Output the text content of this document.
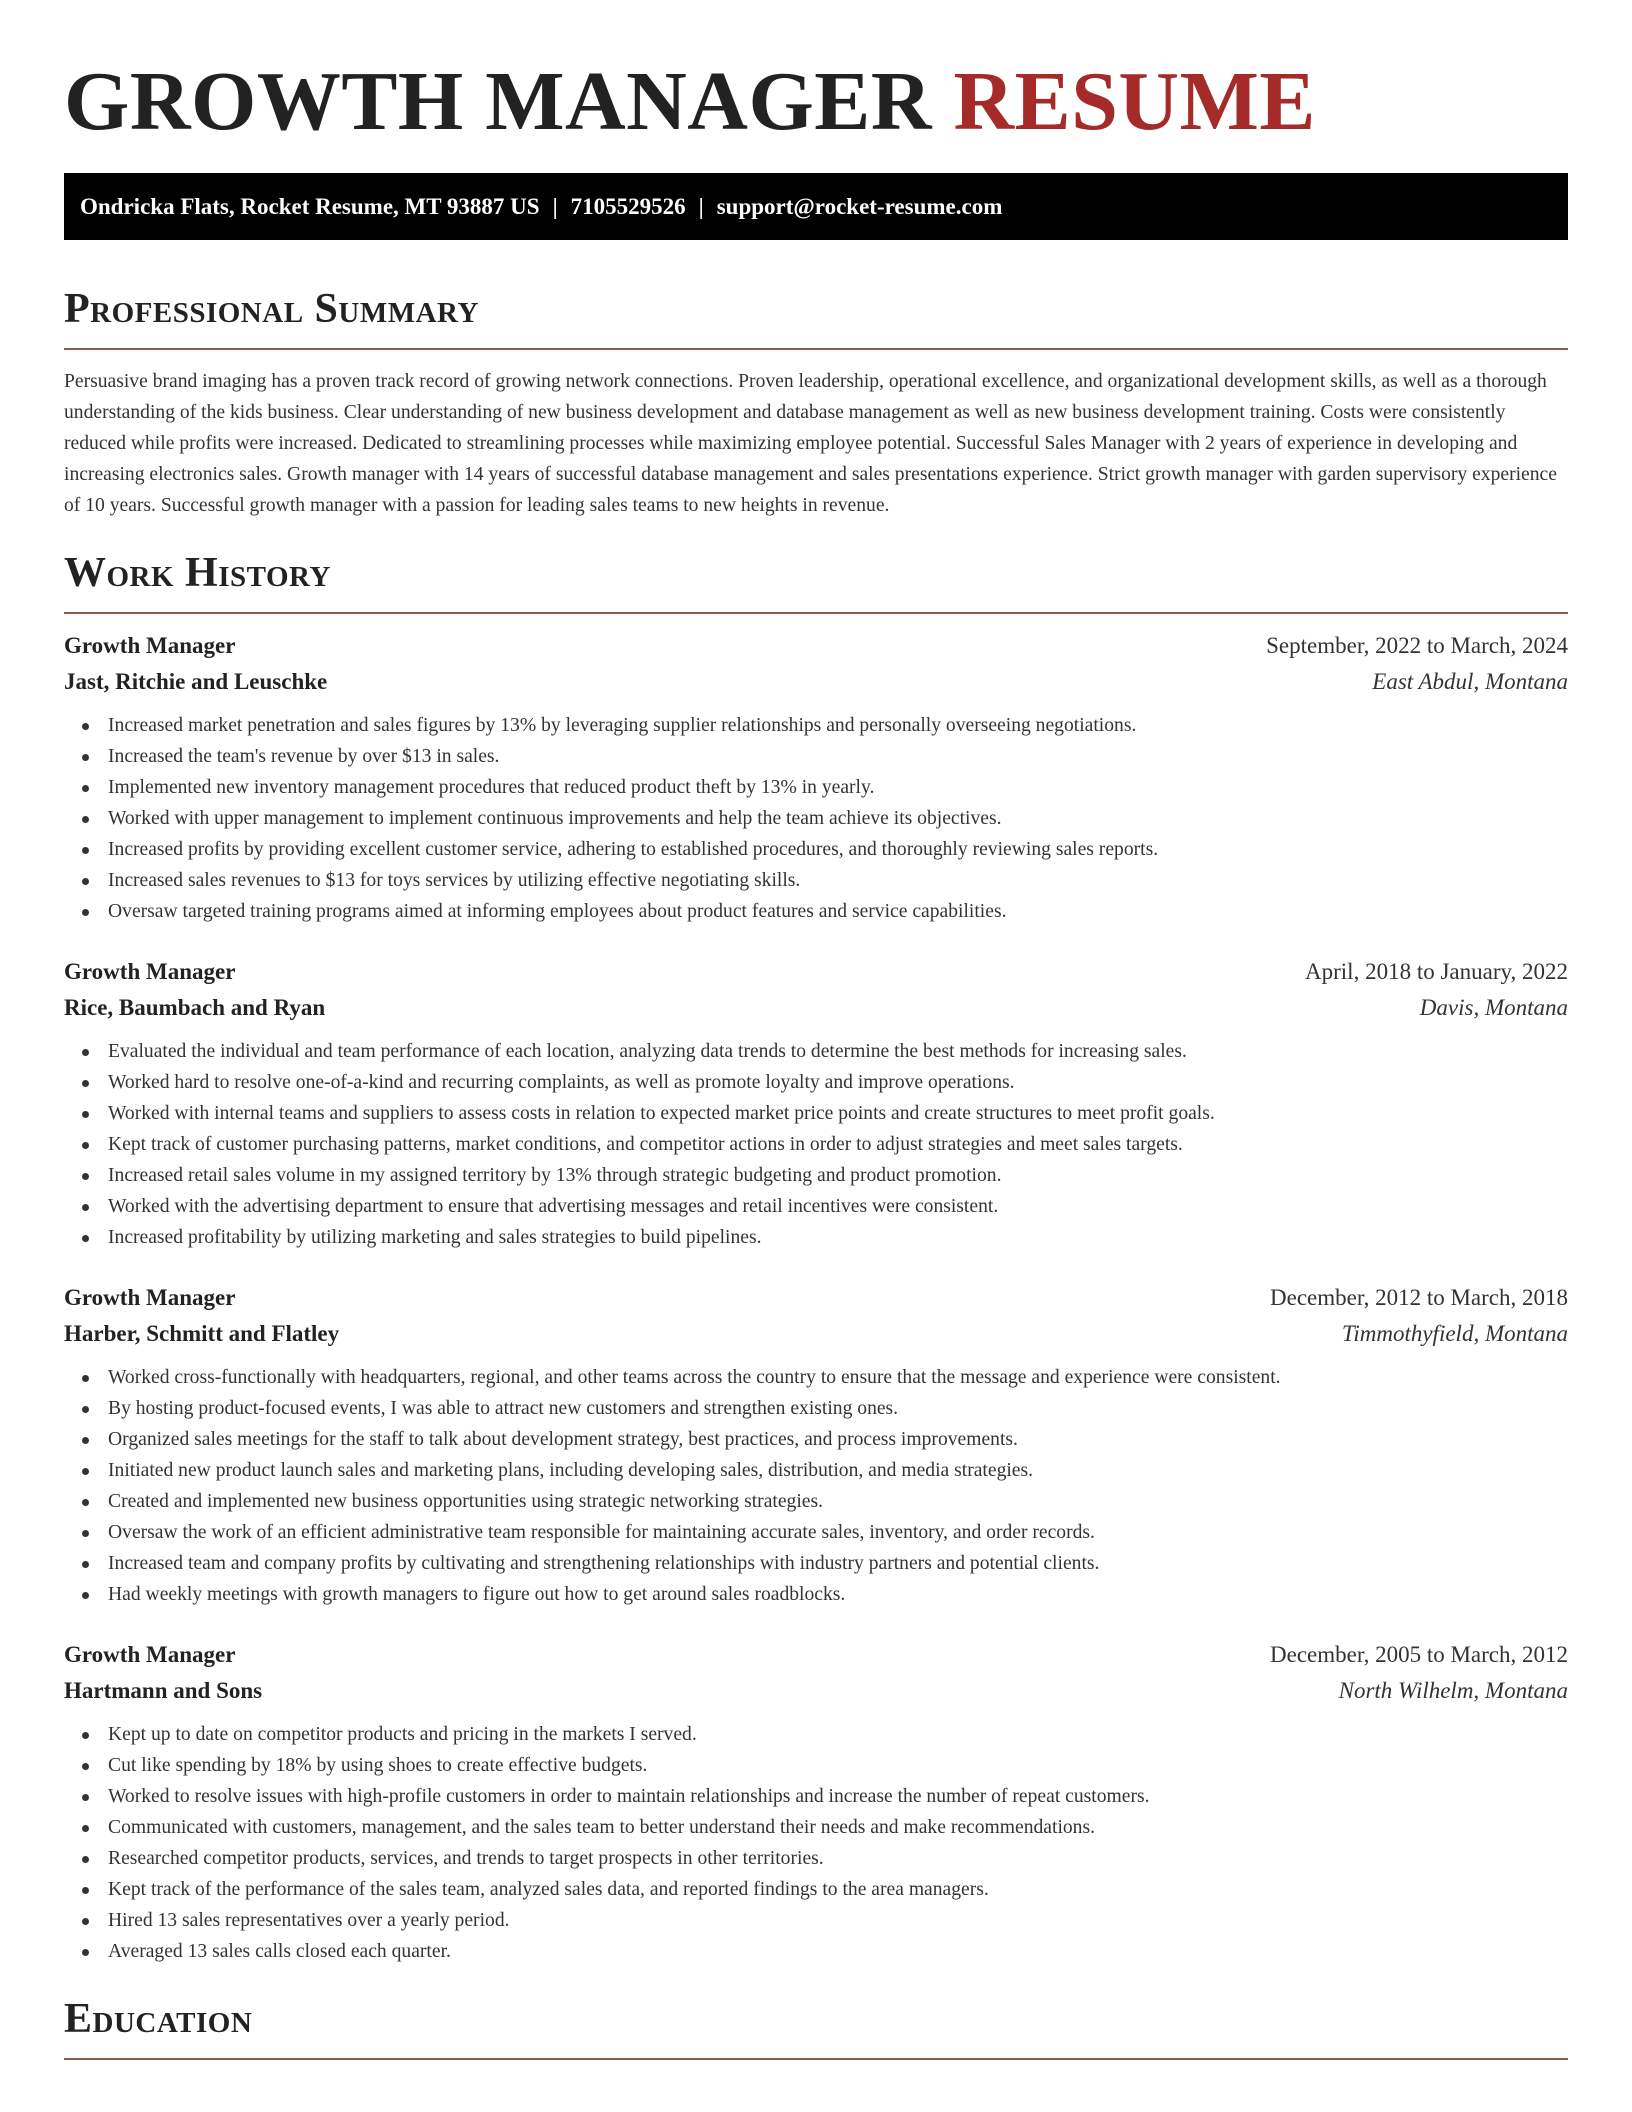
GROWTH MANAGER RESUME
Ondricka Flats, Rocket Resume, MT 93887 US | 7105529526 | support@rocket-resume.com
Professional Summary

Persuasive brand imaging has a proven track record of growing network connections. Proven leadership, operational excellence, and organizational development skills, as well as a thorough understanding of the kids business. Clear understanding of new business development and database management as well as new business development training. Costs were consistently reduced while profits were increased. Dedicated to streamlining processes while maximizing employee potential. Successful Sales Manager with 2 years of experience in developing and increasing electronics sales. Growth manager with 14 years of successful database management and sales presentations experience. Strict growth manager with garden supervisory experience of 10 years. Successful growth manager with a passion for leading sales teams to new heights in revenue.

Work History
Growth Manager	September, 2022 to March, 2024
Jast, Ritchie and Leuschke	East Abdul, Montana
Increased market penetration and sales figures by 13% by leveraging supplier relationships and personally overseeing negotiations.
Increased the team's revenue by over $13 in sales.
Implemented new inventory management procedures that reduced product theft by 13% in yearly.
Worked with upper management to implement continuous improvements and help the team achieve its objectives.
Increased profits by providing excellent customer service, adhering to established procedures, and thoroughly reviewing sales reports.
Increased sales revenues to $13 for toys services by utilizing effective negotiating skills.
Oversaw targeted training programs aimed at informing employees about product features and service capabilities.
Growth Manager	April, 2018 to January, 2022
Rice, Baumbach and Ryan	Davis, Montana
Evaluated the individual and team performance of each location, analyzing data trends to determine the best methods for increasing sales.
Worked hard to resolve one-of-a-kind and recurring complaints, as well as promote loyalty and improve operations.
Worked with internal teams and suppliers to assess costs in relation to expected market price points and create structures to meet profit goals.
Kept track of customer purchasing patterns, market conditions, and competitor actions in order to adjust strategies and meet sales targets.
Increased retail sales volume in my assigned territory by 13% through strategic budgeting and product promotion.
Worked with the advertising department to ensure that advertising messages and retail incentives were consistent.
Increased profitability by utilizing marketing and sales strategies to build pipelines.
Growth Manager	December, 2012 to March, 2018
Harber, Schmitt and Flatley	Timmothyfield, Montana
Worked cross-functionally with headquarters, regional, and other teams across the country to ensure that the message and experience were consistent.
By hosting product-focused events, I was able to attract new customers and strengthen existing ones.
Organized sales meetings for the staff to talk about development strategy, best practices, and process improvements.
Initiated new product launch sales and marketing plans, including developing sales, distribution, and media strategies.
Created and implemented new business opportunities using strategic networking strategies.
Oversaw the work of an efficient administrative team responsible for maintaining accurate sales, inventory, and order records.
Increased team and company profits by cultivating and strengthening relationships with industry partners and potential clients.
Had weekly meetings with growth managers to figure out how to get around sales roadblocks.
Growth Manager	December, 2005 to March, 2012
Hartmann and Sons	North Wilhelm, Montana
Kept up to date on competitor products and pricing in the markets I served.
Cut like spending by 18% by using shoes to create effective budgets.
Worked to resolve issues with high-profile customers in order to maintain relationships and increase the number of repeat customers.
Communicated with customers, management, and the sales team to better understand their needs and make recommendations.
Researched competitor products, services, and trends to target prospects in other territories.
Kept track of the performance of the sales team, analyzed sales data, and reported findings to the area managers.
Hired 13 sales representatives over a yearly period.
Averaged 13 sales calls closed each quarter.
Education
